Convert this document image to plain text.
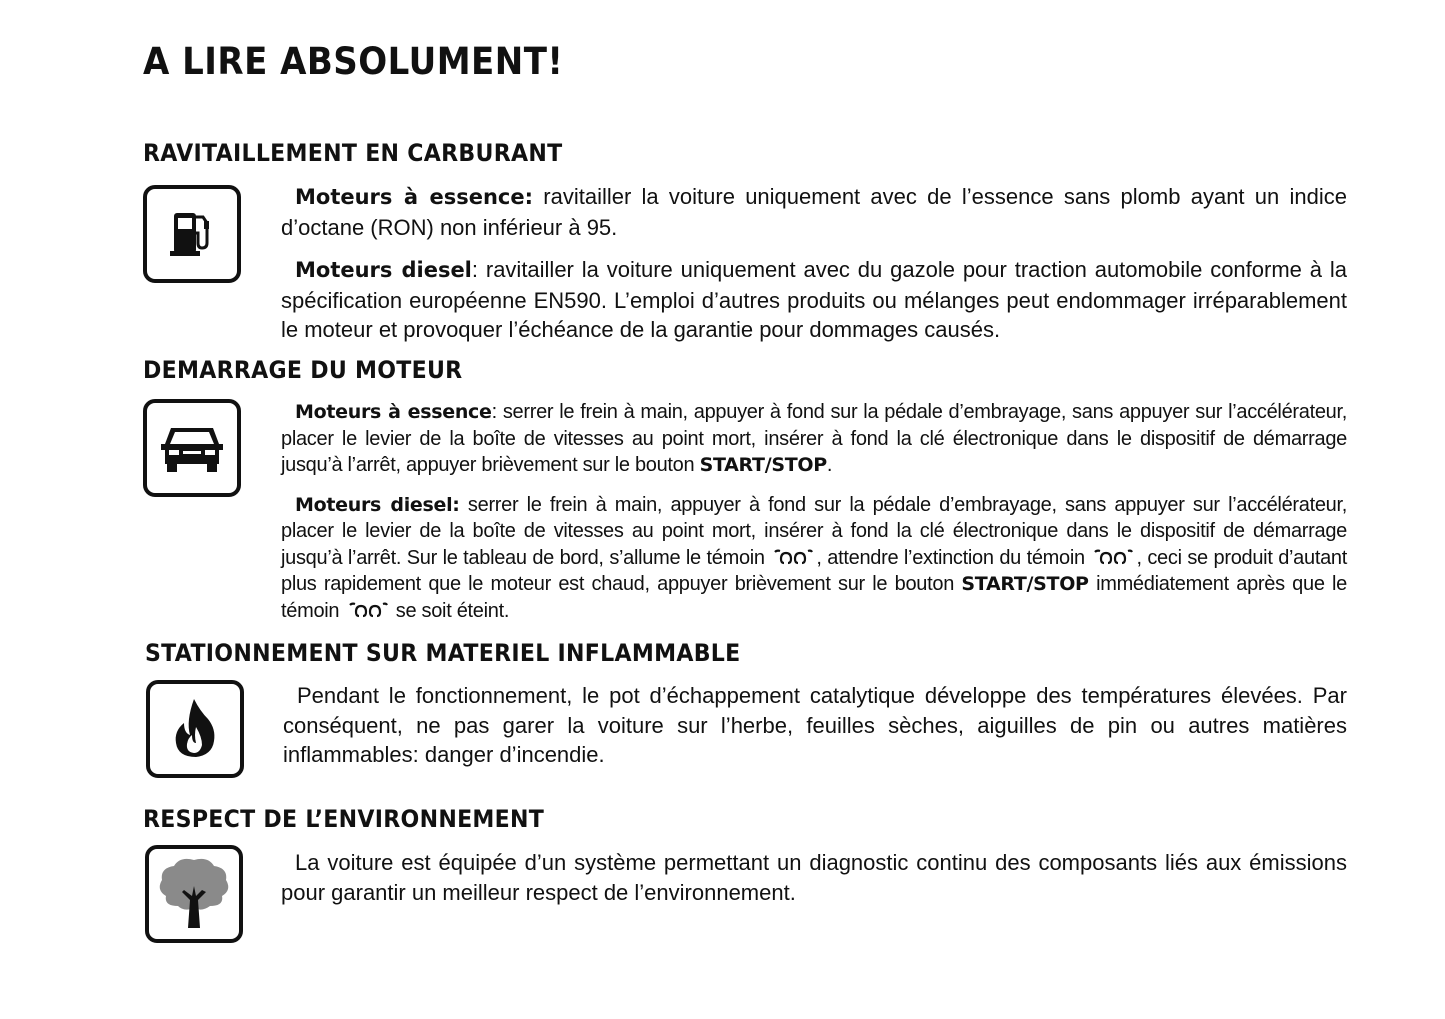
A LIRE ABSOLUMENT!
RAVITAILLEMENT EN CARBURANT

Moteurs à essence: ravitailler la voiture uniquement avec de l’essence sans plomb ayant un indice d’octane (RON) non inférieur à 95.

Moteurs diesel: ravitailler la voiture uniquement avec du gazole pour traction automobile conforme à la spécification européenne EN590. L’emploi d’autres produits ou mélanges peut endommager irréparablement le moteur et provoquer l’échéance de la garantie pour dommages causés.

DEMARRAGE DU MOTEUR

Moteurs à essence: serrer le frein à main, appuyer à fond sur la pédale d’embrayage, sans appuyer sur l’accélérateur, placer le levier de la boîte de vitesses au point mort, insérer à fond la clé électronique dans le dispositif de démarrage jusqu’à l’arrêt, appuyer brièvement sur le bouton START/STOP.

Moteurs diesel: serrer le frein à main, appuyer à fond sur la pédale d’embrayage, sans appuyer sur l’accélérateur, placer le levier de la boîte de vitesses au point mort, insérer à fond la clé électronique dans le dispositif de démarrage jusqu’à l’arrêt. Sur le tableau de bord, s’allume le témoin	, attendre l’extinction du témoin	, ceci se produit d’autant plus rapidement que le moteur est chaud, appuyer brièvement sur le bouton START/STOP immédiatement après que le témoin	se soit éteint.

STATIONNEMENT SUR MATERIEL INFLAMMABLE

Pendant le fonctionnement, le pot d’échappement catalytique développe des températures élevées. Par conséquent, ne pas garer la voiture sur l’herbe, feuilles sèches, aiguilles de pin ou autres matières inflammables: danger d’incendie.

RESPECT DE L’ENVIRONNEMENT

La voiture est équipée d’un système permettant un diagnostic continu des composants liés aux émissions pour garantir un meilleur respect de l’environnement.
